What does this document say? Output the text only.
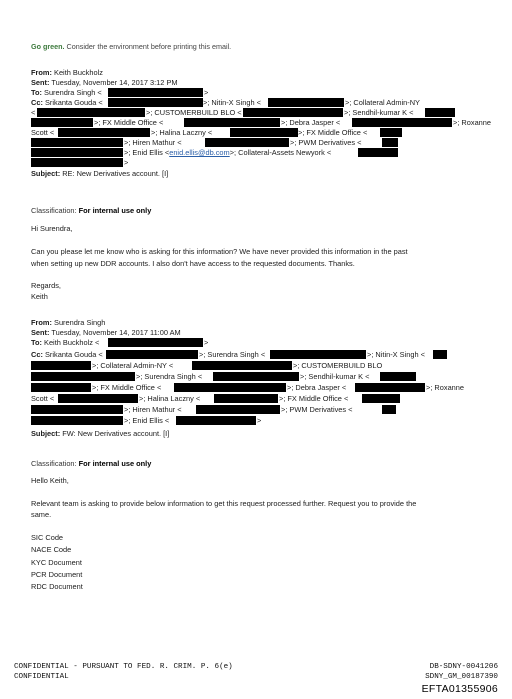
Go green. Consider the environment before printing this email.
From: Keith Buckholz
Sent: Tuesday, November 14, 2017 3:12 PM
To: Surendra Singh <	>
Cc: Srikanta Gouda <	>; Nitin-X Singh <	>; Collateral Admin-NY
<	>; CUSTOMERBUILD BLO <	>; Sendhil-kumar K <
>; FX Middle Office <	>; Debra Jasper <	>; Roxanne
Scott <	>; Halina Laczny <	>; FX Middle Office <
>; Hiren Mathur <	>; PWM Derivatives <
>; Enid Ellis <enid.ellis@db.com>; Collateral-Assets Newyork <
>
Subject: RE: New Derivatives account. [I]
Classification: For internal use only
Hi Surendra,
Can you please let me know who is asking for this information? We have never provided this information in the past
when setting up new DDR accounts. I also don't have access to the requested documents. Thanks.
Regards,
Keith
From: Surendra Singh
Sent: Tuesday, November 14, 2017 11:00 AM
To: Keith Buckholz <	>
Cc: Srikanta Gouda <	>; Surendra Singh <	>; Nitin-X Singh <
>; Collateral Admin-NY <	>; CUSTOMERBUILD BLO
>; Surendra Singh <	>; Sendhil-kumar K <
>; FX Middle Office <	>; Debra Jasper <	>; Roxanne
Scott <	>; Halina Laczny <	>; FX Middle Office <
>; Hiren Mathur <	>; PWM Derivatives <
>; Enid Ellis <	>
Subject: FW: New Derivatives account. [I]
Classification: For internal use only
Hello Keith,
Relevant team is asking to provide below information to get this request processed further. Request you to provide the
same.
SIC Code
NACE Code
KYC Document
PCR Document
RDC Document
CONFIDENTIAL - PURSUANT TO FED. R. CRIM. P. 6(e)
CONFIDENTIAL
DB-SDNY-0041206
SDNY_GM_00187390
EFTA01355906
